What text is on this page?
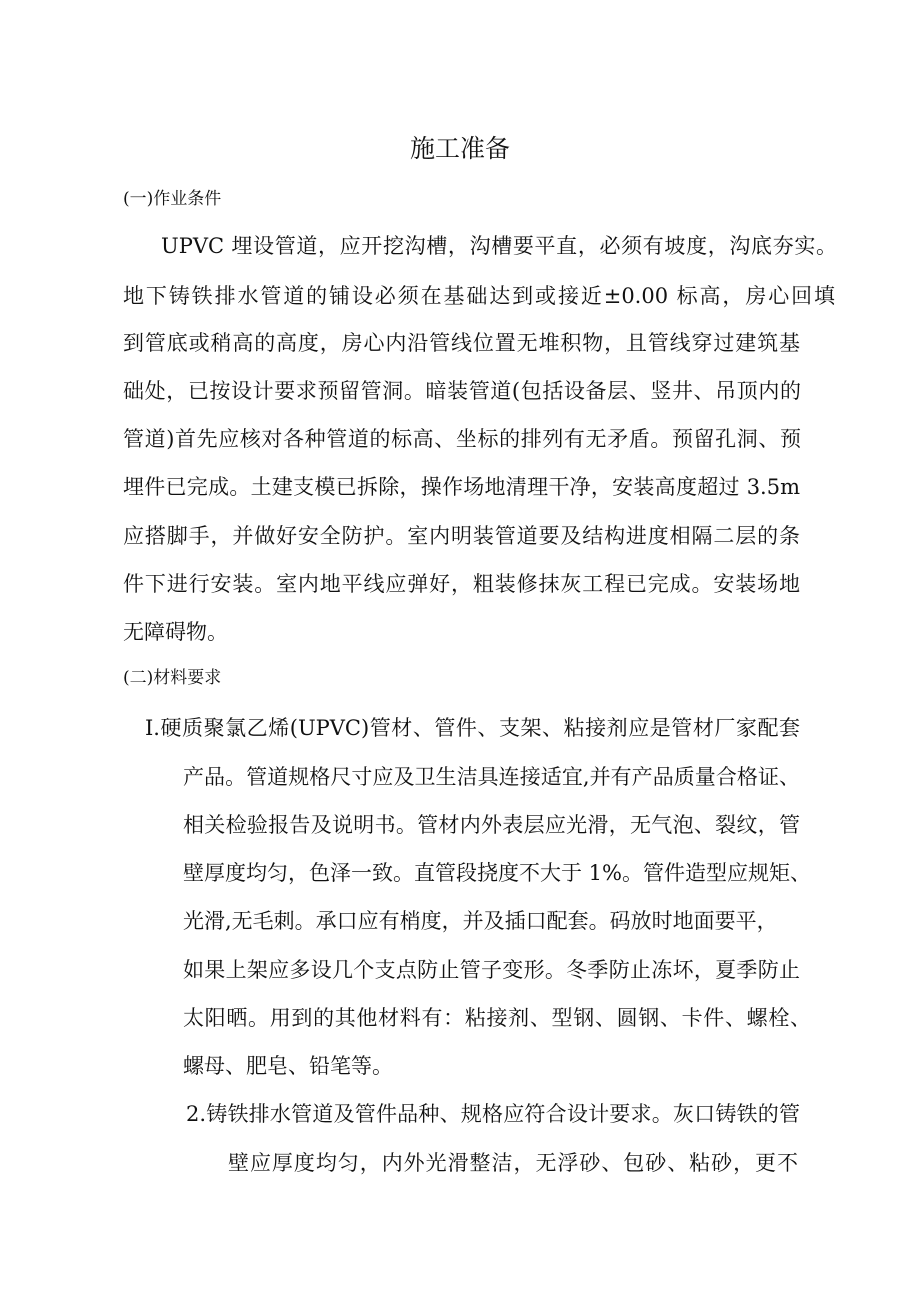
施工准备
(一)作业条件
UPVC 埋设管道，应开挖沟槽，沟槽要平直，必须有坡度，沟底夯实。
地下铸铁排水管道的铺设必须在基础达到或接近±0.00 标高，房心回填
到管底或稍高的高度，房心内沿管线位置无堆积物，且管线穿过建筑基
础处，已按设计要求预留管洞。暗装管道(包括设备层、竖井、吊顶内的
管道)首先应核对各种管道的标高、坐标的排列有无矛盾。预留孔洞、预
埋件已完成。土建支模已拆除，操作场地清理干净，安装高度超过 3.5m
应搭脚手，并做好安全防护。室内明装管道要及结构进度相隔二层的条
件下进行安装。室内地平线应弹好，粗装修抹灰工程已完成。安装场地
无障碍物。
(二)材料要求
I.硬质聚氯乙烯(UPVC)管材、管件、支架、粘接剂应是管材厂家配套
产品。管道规格尺寸应及卫生洁具连接适宜,并有产品质量合格证、
相关检验报告及说明书。管材内外表层应光滑，无气泡、裂纹，管
壁厚度均匀，色泽一致。直管段挠度不大于 1%。管件造型应规矩、
光滑,无毛刺。承口应有梢度，并及插口配套。码放时地面要平，
如果上架应多设几个支点防止管子变形。冬季防止冻坏，夏季防止
太阳晒。用到的其他材料有：粘接剂、型钢、圆钢、卡件、螺栓、
螺母、肥皂、铅笔等。
2.铸铁排水管道及管件品种、规格应符合设计要求。灰口铸铁的管
壁应厚度均匀，内外光滑整洁，无浮砂、包砂、粘砂，更不
